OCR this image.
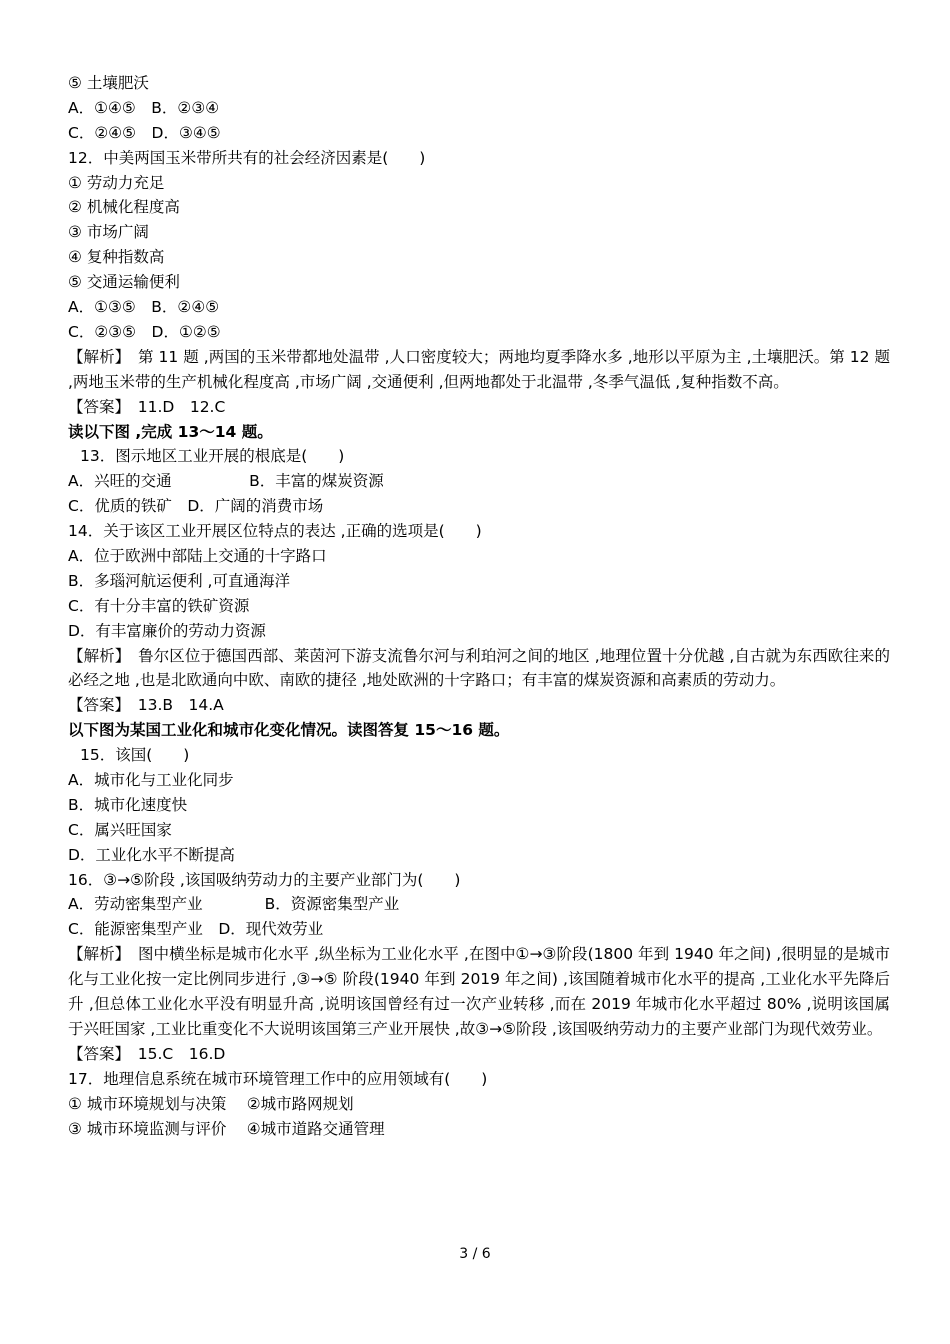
⑤ 土壤肥沃
A．①④⑤　B．②③④
C．②④⑤　D．③④⑤
12．中美两国玉米带所共有的社会经济因素是(　　)
① 劳动力充足
② 机械化程度高
③ 市场广阔
④ 复种指数高
⑤ 交通运输便利
A．①③⑤　B．②④⑤
C．②③⑤　D．①②⑤
【解析】　第 11 题 ,两国的玉米带都地处温带 ,人口密度较大；两地均夏季降水多 ,地形以平原为主 ,土壤肥沃。第 12 题 ,两地玉米带的生产机械化程度高 ,市场广阔 ,交通便利 ,但两地都处于北温带 ,冬季气温低 ,复种指数不高。
【答案】　11.D　12.C
读以下图 ,完成 13～14 题。
13．图示地区工业开展的根底是(　　)
A．兴旺的交通　　　　　B．丰富的煤炭资源
C．优质的铁矿　D．广阔的消费市场
14．关于该区工业开展区位特点的表达 ,正确的选项是(　　)
A．位于欧洲中部陆上交通的十字路口
B．多瑙河航运便利 ,可直通海洋
C．有十分丰富的铁矿资源
D．有丰富廉价的劳动力资源
【解析】　鲁尔区位于德国西部、莱茵河下游支流鲁尔河与利珀河之间的地区 ,地理位置十分优越 ,自古就为东西欧往来的必经之地 ,也是北欧通向中欧、南欧的捷径 ,地处欧洲的十字路口；有丰富的煤炭资源和高素质的劳动力。
【答案】　13.B　14.A
以下图为某国工业化和城市化变化情况。读图答复 15～16 题。
15．该国(　　)
A．城市化与工业化同步
B．城市化速度快
C．属兴旺国家
D．工业化水平不断提高
16．③→⑤阶段 ,该国吸纳劳动力的主要产业部门为(　　)
A．劳动密集型产业　　　　B．资源密集型产业
C．能源密集型产业　D．现代效劳业
【解析】　图中横坐标是城市化水平 ,纵坐标为工业化水平 ,在图中①→③阶段(1800 年到 1940 年之间) ,很明显的是城市化与工业化按一定比例同步进行 ,③→⑤ 阶段(1940 年到 2019 年之间) ,该国随着城市化水平的提高 ,工业化水平先降后升 ,但总体工业化水平没有明显升高 ,说明该国曾经有过一次产业转移 ,而在 2019 年城市化水平超过 80% ,说明该国属于兴旺国家 ,工业比重变化不大说明该国第三产业开展快 ,故③→⑤阶段 ,该国吸纳劳动力的主要产业部门为现代效劳业。
【答案】　15.C　16.D
17．地理信息系统在城市环境管理工作中的应用领域有(　　)
① 城市环境规划与决策　 ②城市路网规划
③ 城市环境监测与评价　 ④城市道路交通管理
3 / 6
